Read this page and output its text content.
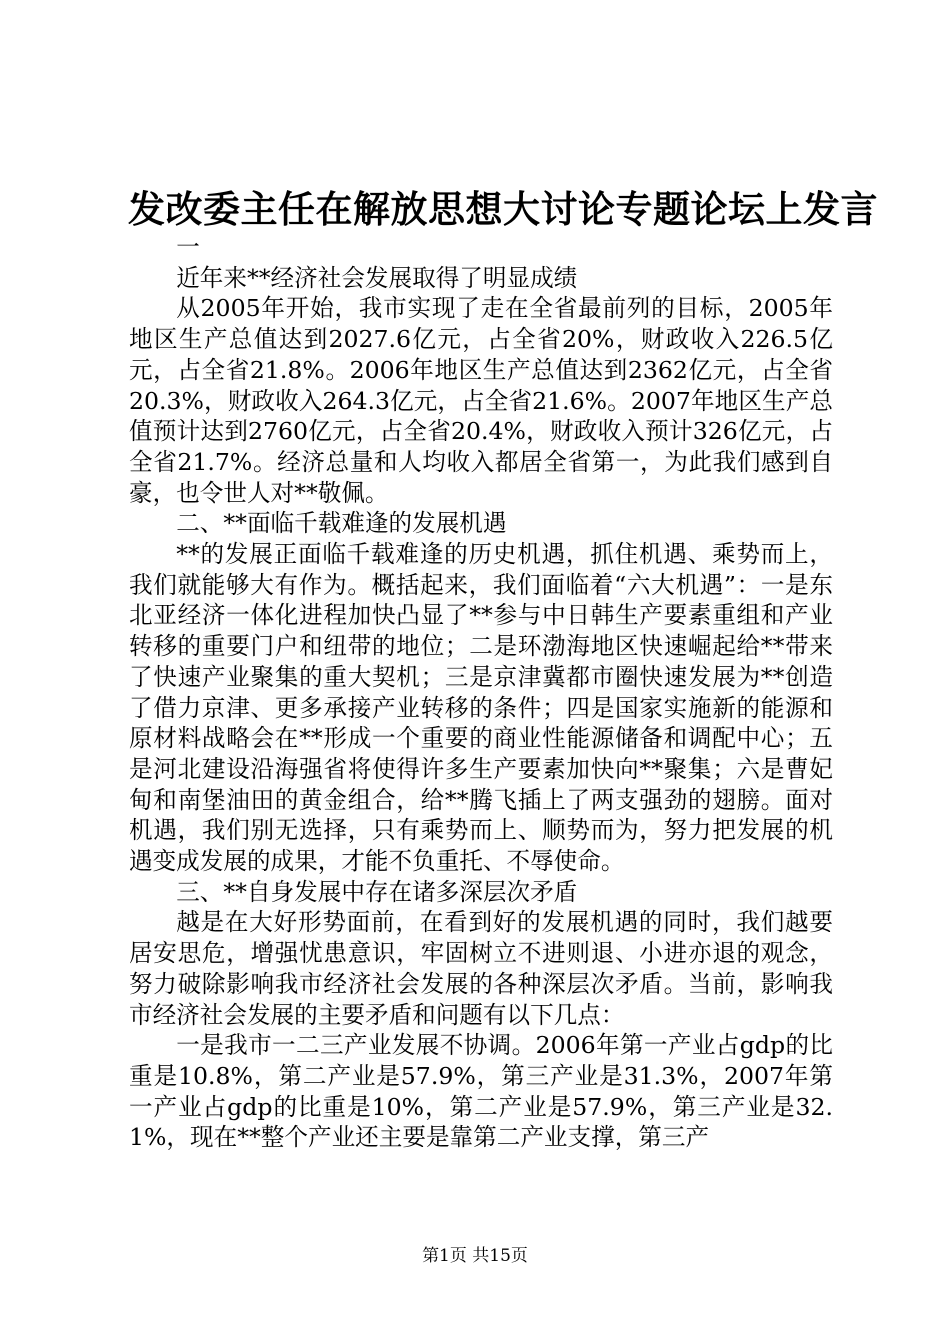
发改委主任在解放思想大讨论专题论坛上发言

一

近年来**经济社会发展取得了明显成绩

从2005年开始，我市实现了走在全省最前列的目标，2005年地区生产总值达到2027.6亿元，占全省20%，财政收入226.5亿元，占全省21.8%。2006年地区生产总值达到2362亿元，占全省20.3%，财政收入264.3亿元，占全省21.6%。2007年地区生产总值预计达到2760亿元，占全省20.4%，财政收入预计326亿元，占全省21.7%。经济总量和人均收入都居全省第一，为此我们感到自豪，也令世人对**敬佩。

二、**面临千载难逢的发展机遇

**的发展正面临千载难逢的历史机遇，抓住机遇、乘势而上，我们就能够大有作为。概括起来，我们面临着“六大机遇”：一是东北亚经济一体化进程加快凸显了**参与中日韩生产要素重组和产业转移的重要门户和纽带的地位；二是环渤海地区快速崛起给**带来了快速产业聚集的重大契机；三是京津冀都市圈快速发展为**创造了借力京津、更多承接产业转移的条件；四是国家实施新的能源和原材料战略会在**形成一个重要的商业性能源储备和调配中心；五是河北建设沿海强省将使得许多生产要素加快向**聚集；六是曹妃甸和南堡油田的黄金组合，给**腾飞插上了两支强劲的翅膀。面对机遇，我们别无选择，只有乘势而上、顺势而为，努力把发展的机遇变成发展的成果，才能不负重托、不辱使命。

三、**自身发展中存在诸多深层次矛盾

越是在大好形势面前，在看到好的发展机遇的同时，我们越要居安思危，增强忧患意识，牢固树立不进则退、小进亦退的观念，努力破除影响我市经济社会发展的各种深层次矛盾。当前，影响我市经济社会发展的主要矛盾和问题有以下几点：

一是我市一二三产业发展不协调。2006年第一产业占gdp的比重是10.8%，第二产业是57.9%，第三产业是31.3%，2007年第一产业占gdp的比重是10%，第二产业是57.9%，第三产业是32.1%，现在**整个产业还主要是靠第二产业支撑，第三产

第1页 共15页
